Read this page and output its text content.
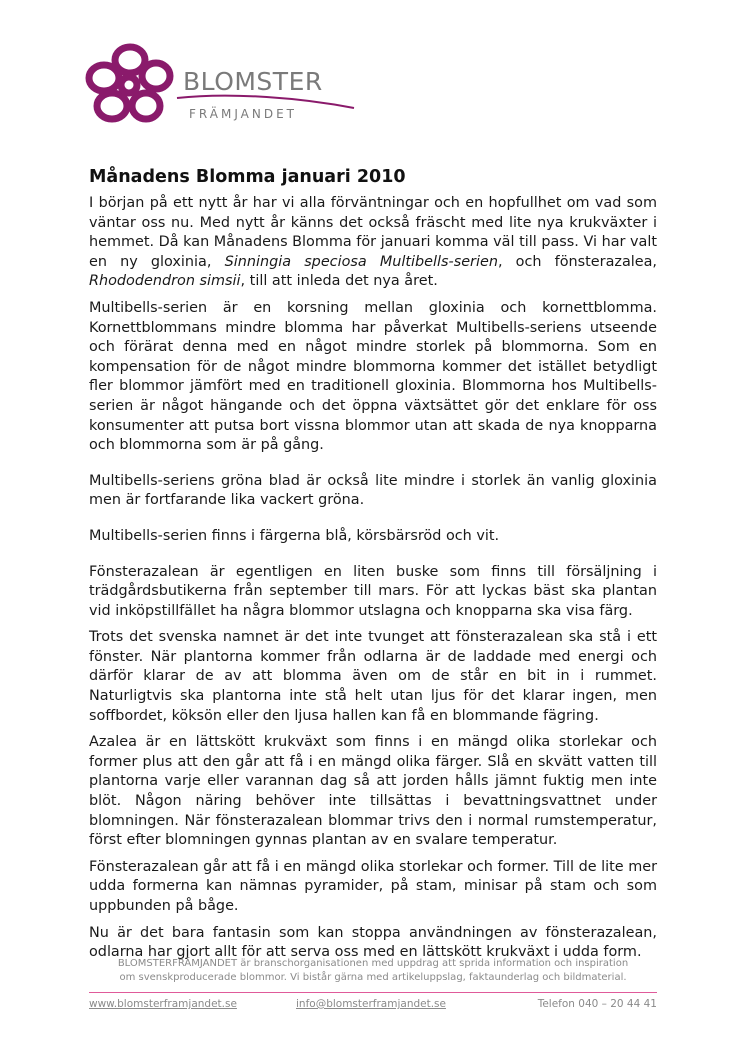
BLOMSTER
FRÄMJANDET
Månadens Blomma januari 2010

I början på ett nytt år har vi alla förväntningar och en hopfullhet om vad som väntar oss nu. Med nytt år känns det också fräscht med lite nya krukväxter i hemmet. Då kan Månadens Blomma för januari komma väl till pass. Vi har valt en ny gloxinia, Sinningia speciosa Multibells-serien, och fönsterazalea, Rhododendron simsii, till att inleda det nya året.

Multibells-serien är en korsning mellan gloxinia och kornettblomma. Kornettblommans mindre blomma har påverkat Multibells-seriens utseende och förärat denna med en något mindre storlek på blommorna. Som en kompensation för de något mindre blommorna kommer det istället betydligt fler blommor jämfört med en traditionell gloxinia. Blommorna hos Multibells-serien är något hängande och det öppna växtsättet gör det enklare för oss konsumenter att putsa bort vissna blommor utan att skada de nya knopparna och blommorna som är på gång.

Multibells-seriens gröna blad är också lite mindre i storlek än vanlig gloxinia men är fortfarande lika vackert gröna.

Multibells-serien finns i färgerna blå, körsbärsröd och vit.

Fönsterazalean är egentligen en liten buske som finns till försäljning i trädgårdsbutikerna från september till mars. För att lyckas bäst ska plantan vid inköpstillfället ha några blommor utslagna och knopparna ska visa färg.

Trots det svenska namnet är det inte tvunget att fönsterazalean ska stå i ett fönster. När plantorna kommer från odlarna är de laddade med energi och därför klarar de av att blomma även om de står en bit in i rummet. Naturligtvis ska plantorna inte stå helt utan ljus för det klarar ingen, men soffbordet, köksön eller den ljusa hallen kan få en blommande fägring.

Azalea är en lättskött krukväxt som finns i en mängd olika storlekar och former plus att den går att få i en mängd olika färger. Slå en skvätt vatten till plantorna varje eller varannan dag så att jorden hålls jämnt fuktig men inte blöt. Någon näring behöver inte tillsättas i bevattningsvattnet under blomningen. När fönsterazalean blommar trivs den i normal rumstemperatur, först efter blomningen gynnas plantan av en svalare temperatur.

Fönsterazalean går att få i en mängd olika storlekar och former. Till de lite mer udda formerna kan nämnas pyramider, på stam, minisar på stam och som uppbunden på båge.

Nu är det bara fantasin som kan stoppa användningen av fönsterazalean, odlarna har gjort allt för att serva oss med en lättskött krukväxt i udda form.

BLOMSTERFRÄMJANDET är branschorganisationen med uppdrag att sprida information och inspiration
om svenskproducerade blommor. Vi bistår gärna med artikeluppslag, faktaunderlag och bildmaterial.
www.blomsterframjandet.se	info@blomsterframjandet.se	Telefon 040 – 20 44 41
